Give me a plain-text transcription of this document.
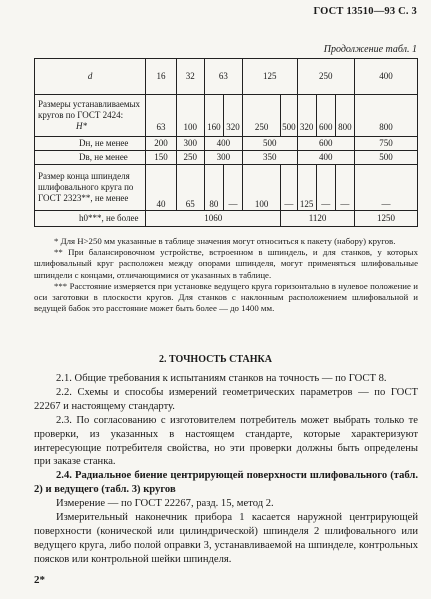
ГОСТ 13510—93 С. 3
Продолжение табл. 1
d	16	32	63		125		250			400
Размеры устанавливаемых кругов по ГОСТ 2424: H*	63	100	160	320	250	500	320	600	800	800
Dн, не менее	200	300	400		500		600			750
Dв, не менее	150	250	300		350		400			500
Размер конца шпинделя шлифовального круга по ГОСТ 2323**, не менее	40	65	80	—	100	—	125	—	—	—
h0***, не более	1060					1120				1250

* Для H>250 мм указанные в таблице значения могут относиться к пакету (набору) кругов.

** При балансировочном устройстве, встроенном в шпиндель, и для станков, у которых шлифовальный круг расположен между опорами шпинделя, могут применяться шлифовальные шпиндели с концами, отличающимися от указанных в таблице.

*** Расстояние измеряется при установке ведущего круга горизонтально в нулевое положение и оси заготовки в плоскости кругов. Для станков с наклонным расположением шлифовальной и ведущей бабок это расстояние может быть более — до 1400 мм.

2. ТОЧНОСТЬ СТАНКА

2.1. Общие требования к испытаниям станков на точность — по ГОСТ 8.

2.2. Схемы и способы измерений геометрических параметров — по ГОСТ 22267 и настоящему стандарту.

2.3. По согласованию с изготовителем потребитель может выбрать только те проверки, из указанных в настоящем стандарте, которые характеризуют интересующие потребителя свойства, но эти проверки должны быть определены при заказе станка.

2.4. Радиальное биение центрирующей поверхности шлифовального (табл. 2) и ведущего (табл. 3) кругов

Измерение — по ГОСТ 22267, разд. 15, метод 2.

Измерительный наконечник прибора 1 касается наружной центрирующей поверхности (конической или цилиндрической) шпинделя 2 шлифовального или ведущего круга, либо полой оправки 3, устанавливаемой на шпинделе, контрольных поясков или контрольной шейки шпинделя.

2*
